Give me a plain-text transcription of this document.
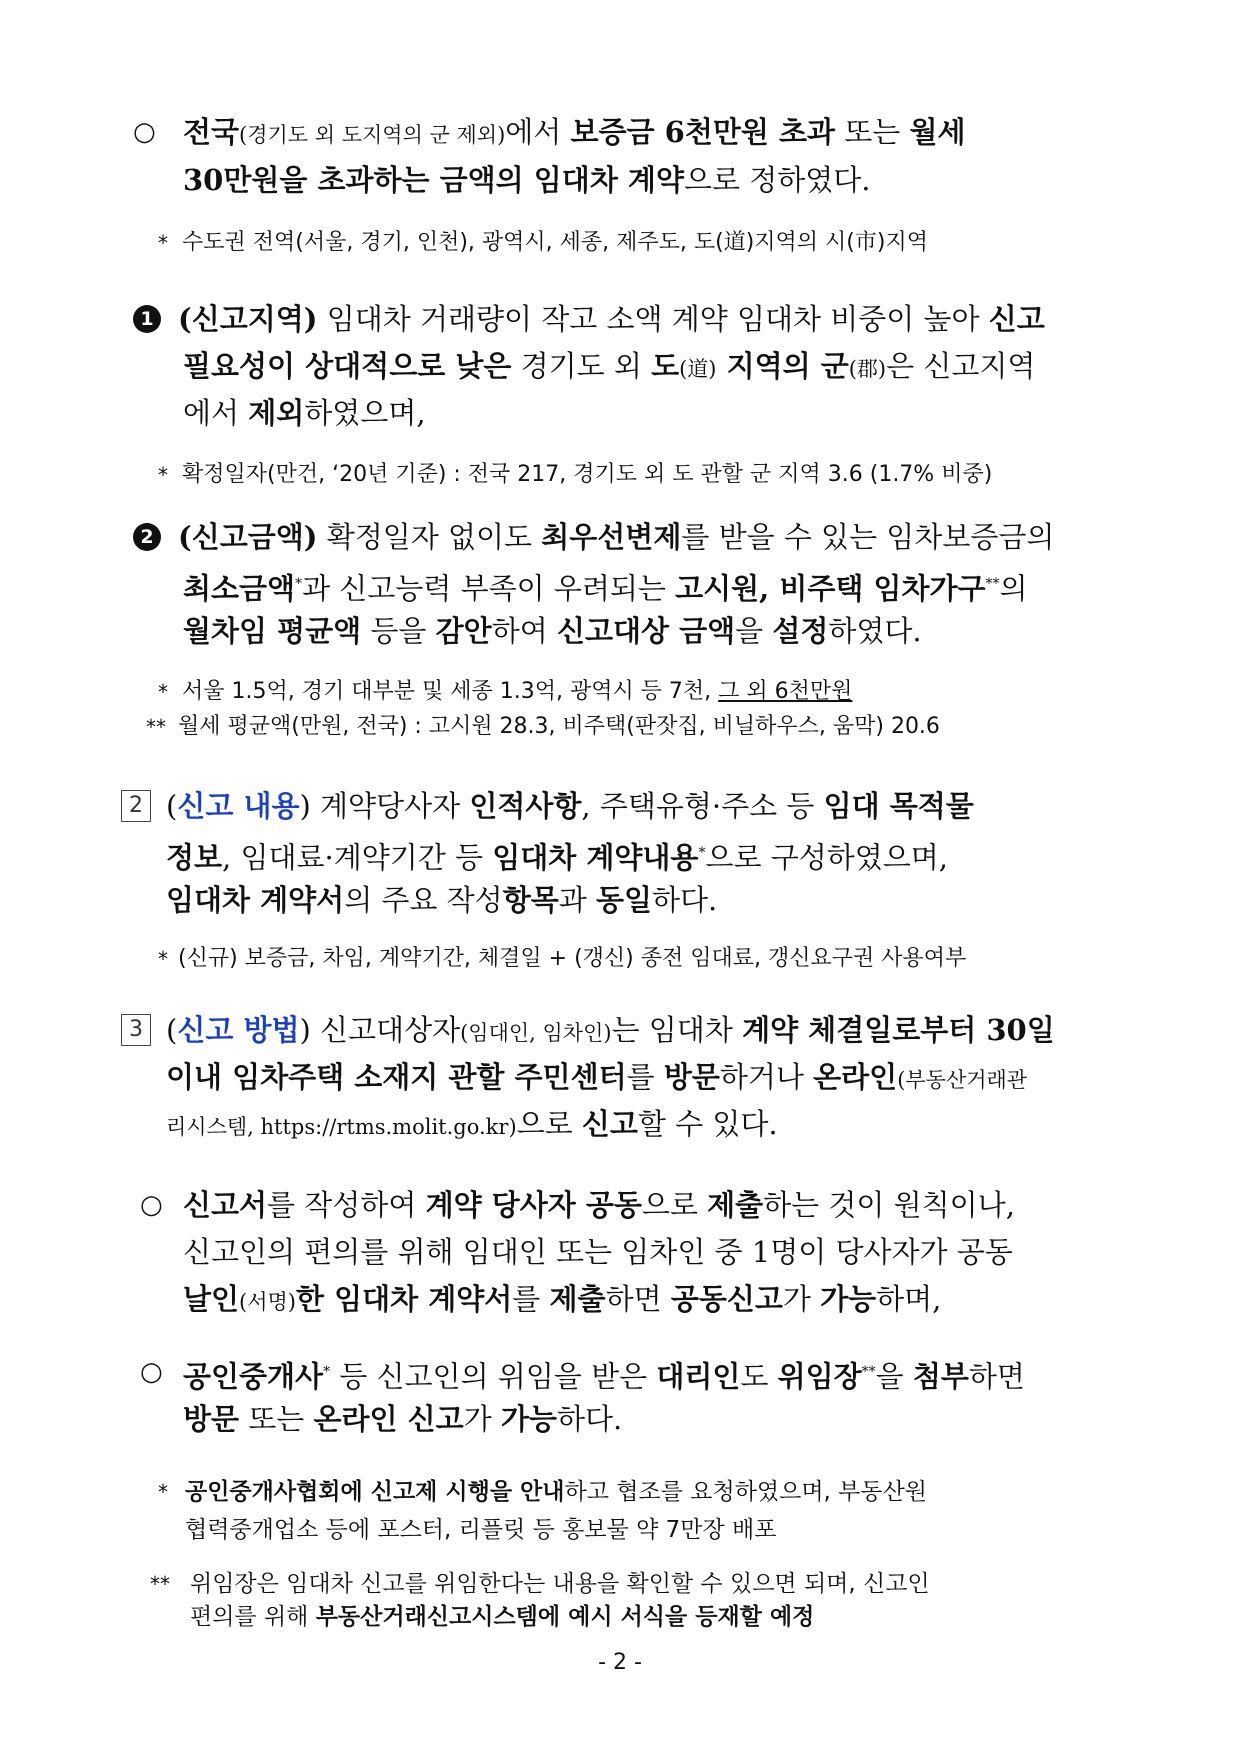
○ 전국(경기도 외 도지역의 군 제외)에서 보증금 6천만원 초과 또는 월세
30만원을 초과하는 금액의 임대차 계약으로 정하였다.
* 수도권 전역(서울, 경기, 인천), 광역시, 세종, 제주도, 도(道)지역의 시(市)지역
1 (신고지역) 임대차 거래량이 작고 소액 계약 임대차 비중이 높아 신고
필요성이 상대적으로 낮은 경기도 외 도(道) 지역의 군(郡)은 신고지역
에서 제외하였으며,
* 확정일자(만건, ‘20년 기준) : 전국 217, 경기도 외 도 관할 군 지역 3.6 (1.7% 비중)
2 (신고금액) 확정일자 없이도 최우선변제를 받을 수 있는 임차보증금의
최소금액*과 신고능력 부족이 우려되는 고시원, 비주택 임차가구**의
월차임 평균액 등을 감안하여 신고대상 금액을 설정하였다.
* 서울 1.5억, 경기 대부분 및 세종 1.3억, 광역시 등 7천, 그 외 6천만원
** 월세 평균액(만원, 전국) : 고시원 28.3, 비주택(판잣집, 비닐하우스, 움막) 20.6
2 (신고 내용) 계약당사자 인적사항, 주택유형·주소 등 임대 목적물
정보, 임대료·계약기간 등 임대차 계약내용*으로 구성하였으며,
임대차 계약서의 주요 작성항목과 동일하다.
* (신규) 보증금, 차임, 계약기간, 체결일 + (갱신) 종전 임대료, 갱신요구권 사용여부
3 (신고 방법) 신고대상자(임대인, 임차인)는 임대차 계약 체결일로부터 30일
이내 임차주택 소재지 관할 주민센터를 방문하거나 온라인(부동산거래관
리시스템, https://rtms.molit.go.kr)으로 신고할 수 있다.
○ 신고서를 작성하여 계약 당사자 공동으로 제출하는 것이 원칙이나,
신고인의 편의를 위해 임대인 또는 임차인 중 1명이 당사자가 공동
날인(서명)한 임대차 계약서를 제출하면 공동신고가 가능하며,
○ 공인중개사* 등 신고인의 위임을 받은 대리인도 위임장**을 첨부하면
방문 또는 온라인 신고가 가능하다.
* 공인중개사협회에 신고제 시행을 안내하고 협조를 요청하였으며, 부동산원
협력중개업소 등에 포스터, 리플릿 등 홍보물 약 7만장 배포
** 위임장은 임대차 신고를 위임한다는 내용을 확인할 수 있으면 되며, 신고인
편의를 위해 부동산거래신고시스템에 예시 서식을 등재할 예정
- 2 -
